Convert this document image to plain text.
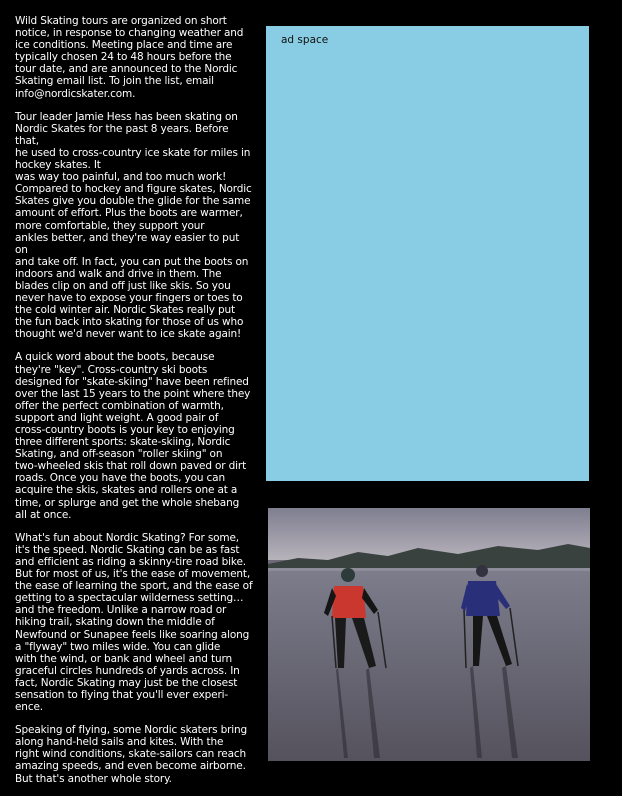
Wild Skating tours are organized on short
notice, in response to changing weather and
ice conditions. Meeting place and time are
typically chosen 24 to 48 hours before the
tour date, and are announced to the Nordic
Skating email list. To join the list, email
info@nordicskater.com.

Tour leader Jamie Hess has been skating on
Nordic Skates for the past 8 years. Before that,
he used to cross-country ice skate for miles in
hockey skates. It
was way too painful, and too much work!
Compared to hockey and figure skates, Nordic
Skates give you double the glide for the same
amount of effort. Plus the boots are warmer,
more comfortable, they support your
ankles better, and they're way easier to put on
and take off. In fact, you can put the boots on
indoors and walk and drive in them. The
blades clip on and off just like skis. So you
never have to expose your fingers or toes to
the cold winter air. Nordic Skates really put
the fun back into skating for those of us who
thought we'd never want to ice skate again!

A quick word about the boots, because
they're "key". Cross-country ski boots
designed for "skate-skiing" have been refined
over the last 15 years to the point where they
offer the perfect combination of warmth,
support and light weight. A good pair of
cross-country boots is your key to enjoying
three different sports: skate-skiing, Nordic
Skating, and off-season "roller skiing" on
two-wheeled skis that roll down paved or dirt
roads. Once you have the boots, you can
acquire the skis, skates and rollers one at a
time, or splurge and get the whole shebang
all at once.

What's fun about Nordic Skating? For some,
it's the speed. Nordic Skating can be as fast
and efficient as riding a skinny-tire road bike.
But for most of us, it's the ease of movement,
the ease of learning the sport, and the ease of
getting to a spectacular wilderness setting…
and the freedom. Unlike a narrow road or
hiking trail, skating down the middle of
Newfound or Sunapee feels like soaring along
a "flyway" two miles wide. You can glide
with the wind, or bank and wheel and turn
graceful circles hundreds of yards across. In
fact, Nordic Skating may just be the closest
sensation to flying that you'll ever experi-
ence.

Speaking of flying, some Nordic skaters bring
along hand-held sails and kites. With the
right wind conditions, skate-sailors can reach
amazing speeds, and even become airborne.
But that's another whole story.

ad space
